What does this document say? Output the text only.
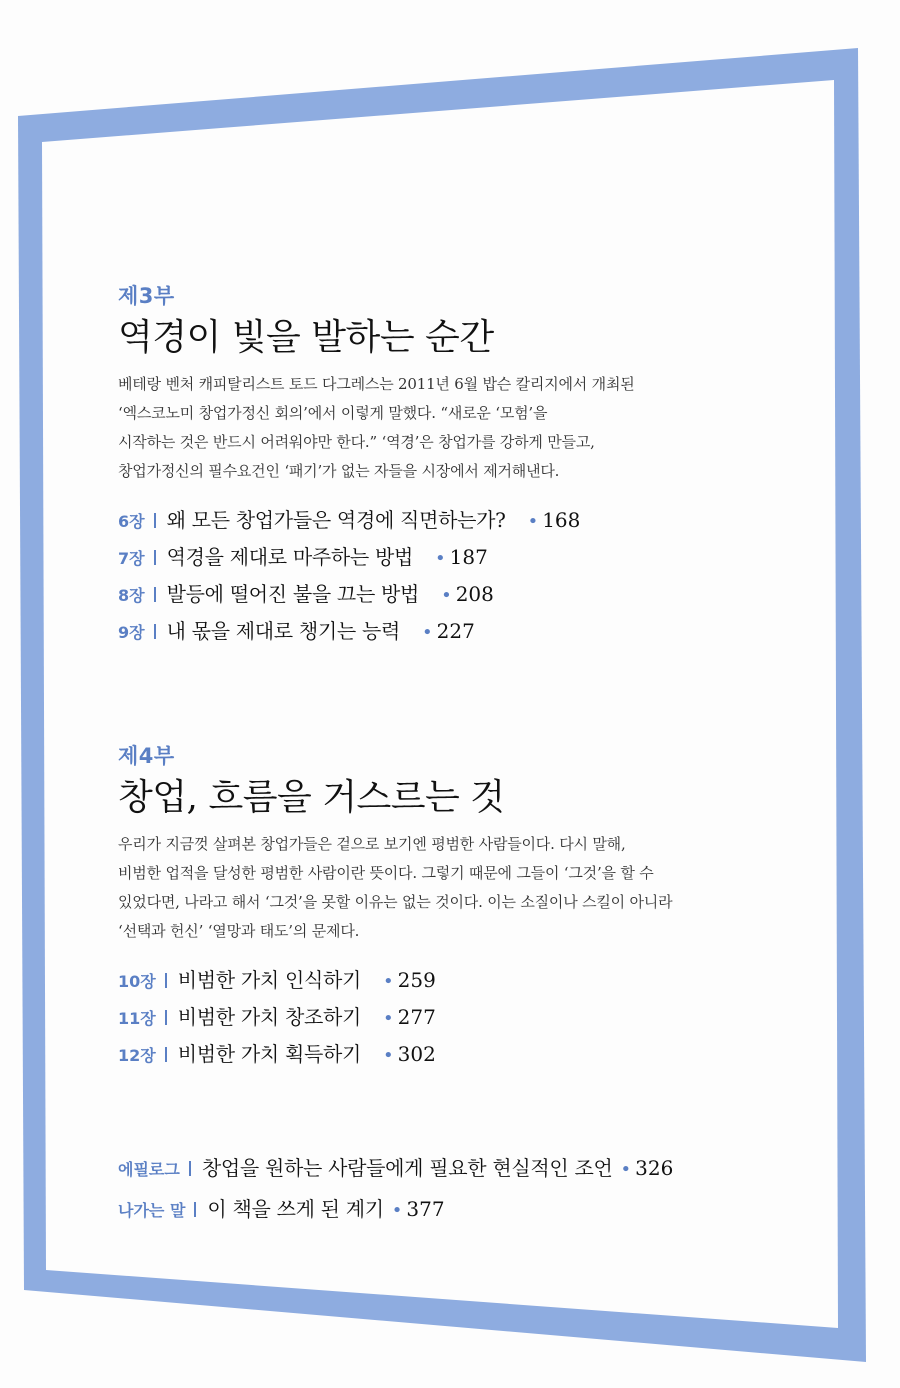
제3부
역경이 빛을 발하는 순간
베테랑 벤처 캐피탈리스트 토드 다그레스는 2011년 6월 밥슨 칼리지에서 개최된
‘엑스코노미 창업가정신 회의’에서 이렇게 말했다. “새로운 ‘모험’을
시작하는 것은 반드시 어려워야만 한다.” ‘역경’은 창업가를 강하게 만들고,
창업가정신의 필수요건인 ‘패기’가 없는 자들을 시장에서 제거해낸다.
6장 왜 모든 창업가들은 역경에 직면하는가? • 168
7장 역경을 제대로 마주하는 방법 • 187
8장 발등에 떨어진 불을 끄는 방법 • 208
9장 내 몫을 제대로 챙기는 능력 • 227
제4부
창업, 흐름을 거스르는 것
우리가 지금껏 살펴본 창업가들은 겉으로 보기엔 평범한 사람들이다. 다시 말해,
비범한 업적을 달성한 평범한 사람이란 뜻이다. 그렇기 때문에 그들이 ‘그것’을 할 수
있었다면, 나라고 해서 ‘그것’을 못할 이유는 없는 것이다. 이는 소질이나 스킬이 아니라
‘선택과 헌신’ ‘열망과 태도’의 문제다.
10장 비범한 가치 인식하기 • 259
11장 비범한 가치 창조하기 • 277
12장 비범한 가치 획득하기 • 302
에필로그 창업을 원하는 사람들에게 필요한 현실적인 조언 • 326
나가는 말 이 책을 쓰게 된 계기 • 377
